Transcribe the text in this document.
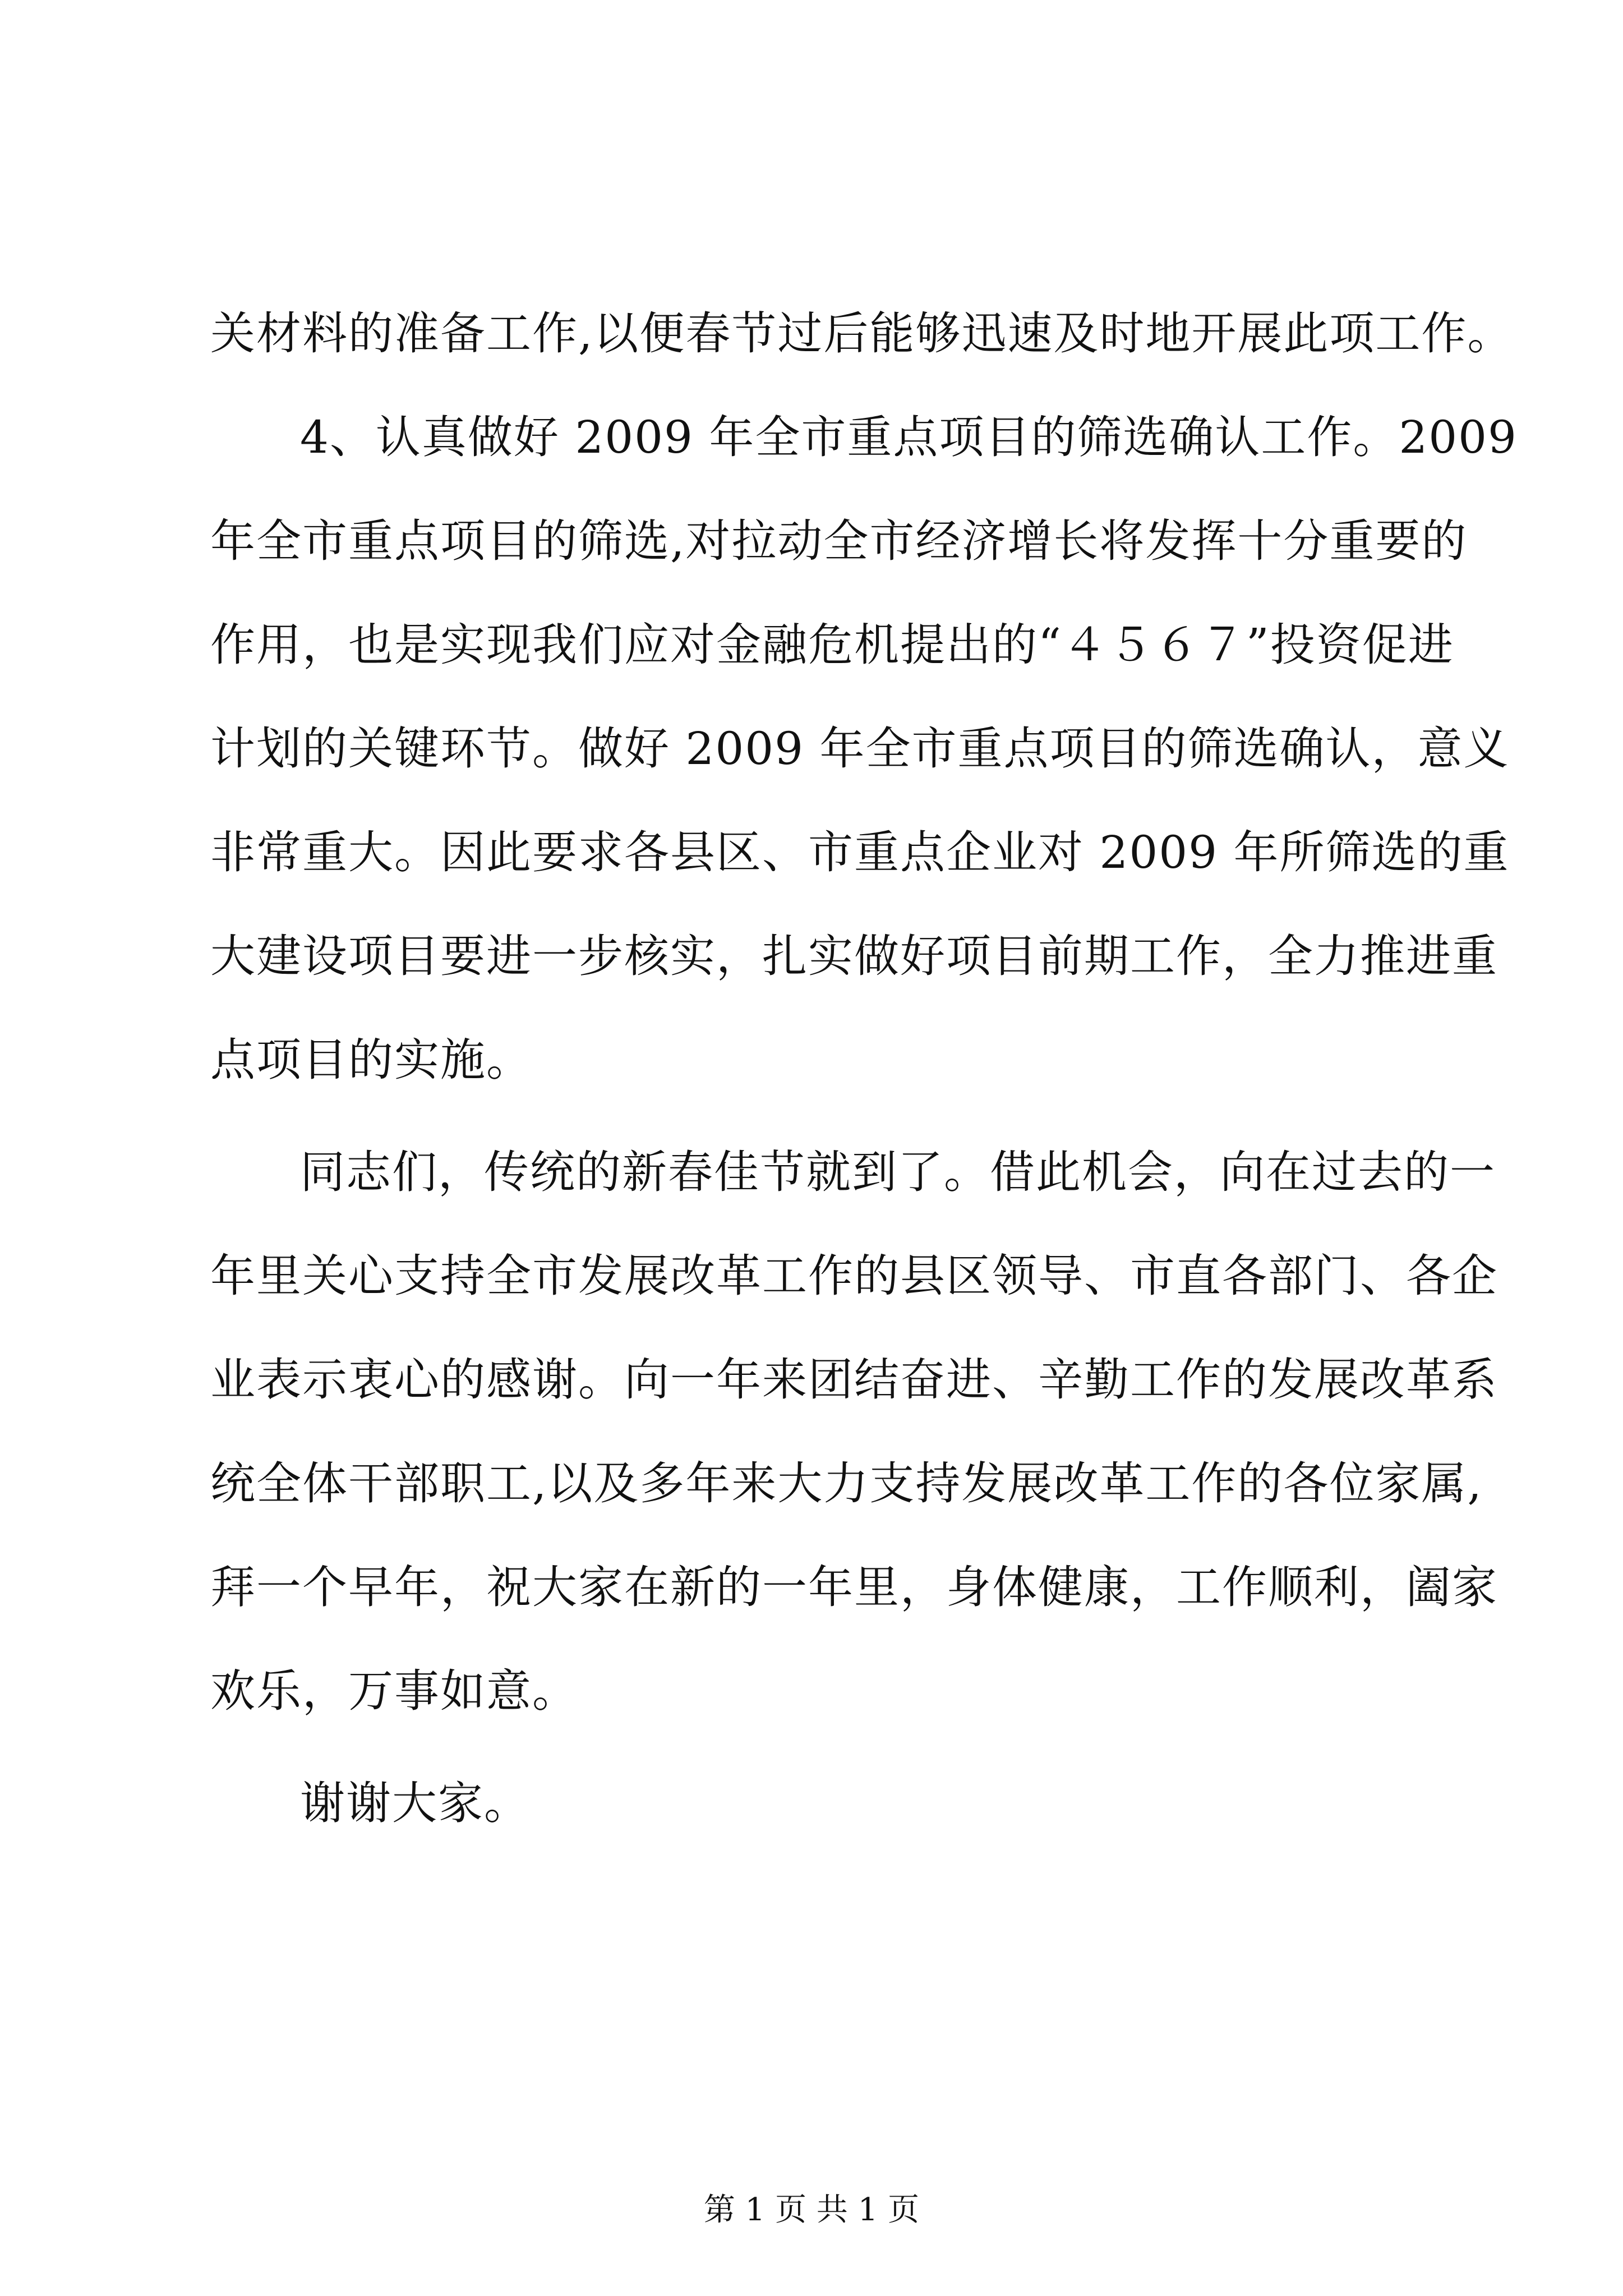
关材料的准备工作,以便春节过后能够迅速及时地开展此项工作。
4、认真做好 2009 年全市重点项目的筛选确认工作。2009
年全市重点项目的筛选,对拉动全市经济增长将发挥十分重要的
作用，也是实现我们应对金融危机提出的“４５６７”投资促进
计划的关键环节。做好 2009 年全市重点项目的筛选确认，意义
非常重大。因此要求各县区、市重点企业对 2009 年所筛选的重
大建设项目要进一步核实，扎实做好项目前期工作，全力推进重
点项目的实施。
同志们，传统的新春佳节就到了。借此机会，向在过去的一
年里关心支持全市发展改革工作的县区领导、市直各部门、各企
业表示衷心的感谢。向一年来团结奋进、辛勤工作的发展改革系
统全体干部职工,以及多年来大力支持发展改革工作的各位家属,
拜一个早年，祝大家在新的一年里，身体健康，工作顺利，阖家
欢乐，万事如意。
谢谢大家。
第 1 页 共 1 页
